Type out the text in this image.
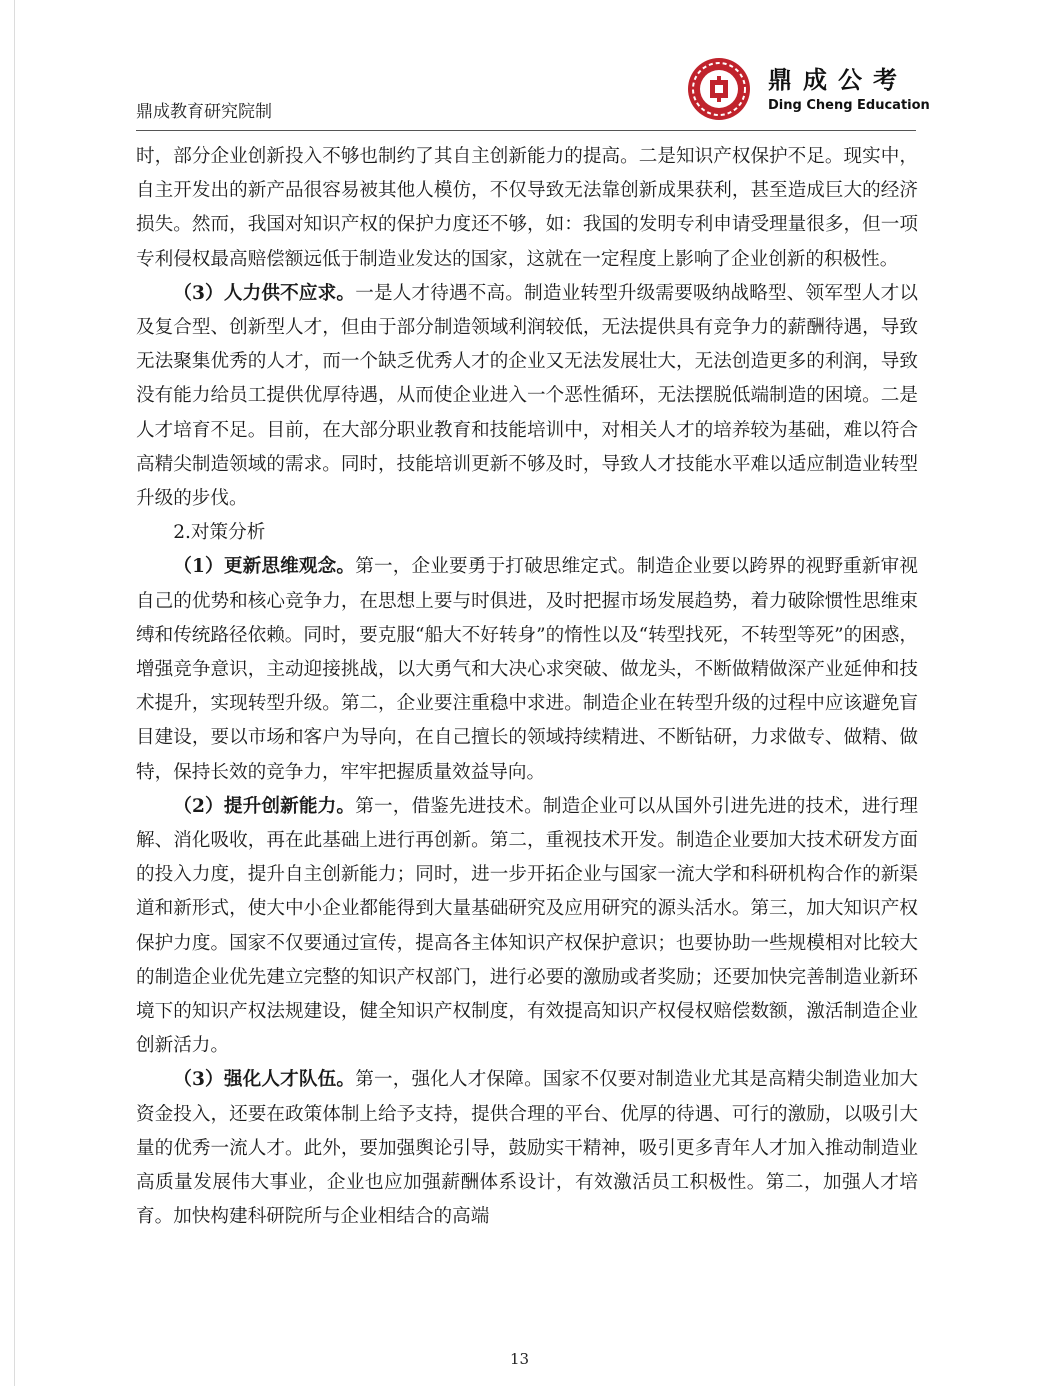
鼎成教育研究院制
鼎成公考
Ding Cheng Education

时，部分企业创新投入不够也制约了其自主创新能力的提高。二是知识产权保护不足。现实中，自主开发出的新产品很容易被其他人模仿，不仅导致无法靠创新成果获利，甚至造成巨大的经济损失。然而，我国对知识产权的保护力度还不够，如：我国的发明专利申请受理量很多，但一项专利侵权最高赔偿额远低于制造业发达的国家，这就在一定程度上影响了企业创新的积极性。

（3）人力供不应求。一是人才待遇不高。制造业转型升级需要吸纳战略型、领军型人才以及复合型、创新型人才，但由于部分制造领域利润较低，无法提供具有竞争力的薪酬待遇，导致无法聚集优秀的人才，而一个缺乏优秀人才的企业又无法发展壮大，无法创造更多的利润，导致没有能力给员工提供优厚待遇，从而使企业进入一个恶性循环，无法摆脱低端制造的困境。二是人才培育不足。目前，在大部分职业教育和技能培训中，对相关人才的培养较为基础，难以符合高精尖制造领域的需求。同时，技能培训更新不够及时，导致人才技能水平难以适应制造业转型升级的步伐。

2.对策分析

（1）更新思维观念。第一，企业要勇于打破思维定式。制造企业要以跨界的视野重新审视自己的优势和核心竞争力，在思想上要与时俱进，及时把握市场发展趋势，着力破除惯性思维束缚和传统路径依赖。同时，要克服“船大不好转身”的惰性以及“转型找死，不转型等死”的困惑，增强竞争意识，主动迎接挑战，以大勇气和大决心求突破、做龙头，不断做精做深产业延伸和技术提升，实现转型升级。第二，企业要注重稳中求进。制造企业在转型升级的过程中应该避免盲目建设，要以市场和客户为导向，在自己擅长的领域持续精进、不断钻研，力求做专、做精、做特，保持长效的竞争力，牢牢把握质量效益导向。

（2）提升创新能力。第一，借鉴先进技术。制造企业可以从国外引进先进的技术，进行理解、消化吸收，再在此基础上进行再创新。第二，重视技术开发。制造企业要加大技术研发方面的投入力度，提升自主创新能力；同时，进一步开拓企业与国家一流大学和科研机构合作的新渠道和新形式，使大中小企业都能得到大量基础研究及应用研究的源头活水。第三，加大知识产权保护力度。国家不仅要通过宣传，提高各主体知识产权保护意识；也要协助一些规模相对比较大的制造企业优先建立完整的知识产权部门，进行必要的激励或者奖励；还要加快完善制造业新环境下的知识产权法规建设，健全知识产权制度，有效提高知识产权侵权赔偿数额，激活制造企业创新活力。

（3）强化人才队伍。第一，强化人才保障。国家不仅要对制造业尤其是高精尖制造业加大资金投入，还要在政策体制上给予支持，提供合理的平台、优厚的待遇、可行的激励，以吸引大量的优秀一流人才。此外，要加强舆论引导，鼓励实干精神，吸引更多青年人才加入推动制造业高质量发展伟大事业，企业也应加强薪酬体系设计，有效激活员工积极性。第二，加强人才培育。加快构建科研院所与企业相结合的高端

13
